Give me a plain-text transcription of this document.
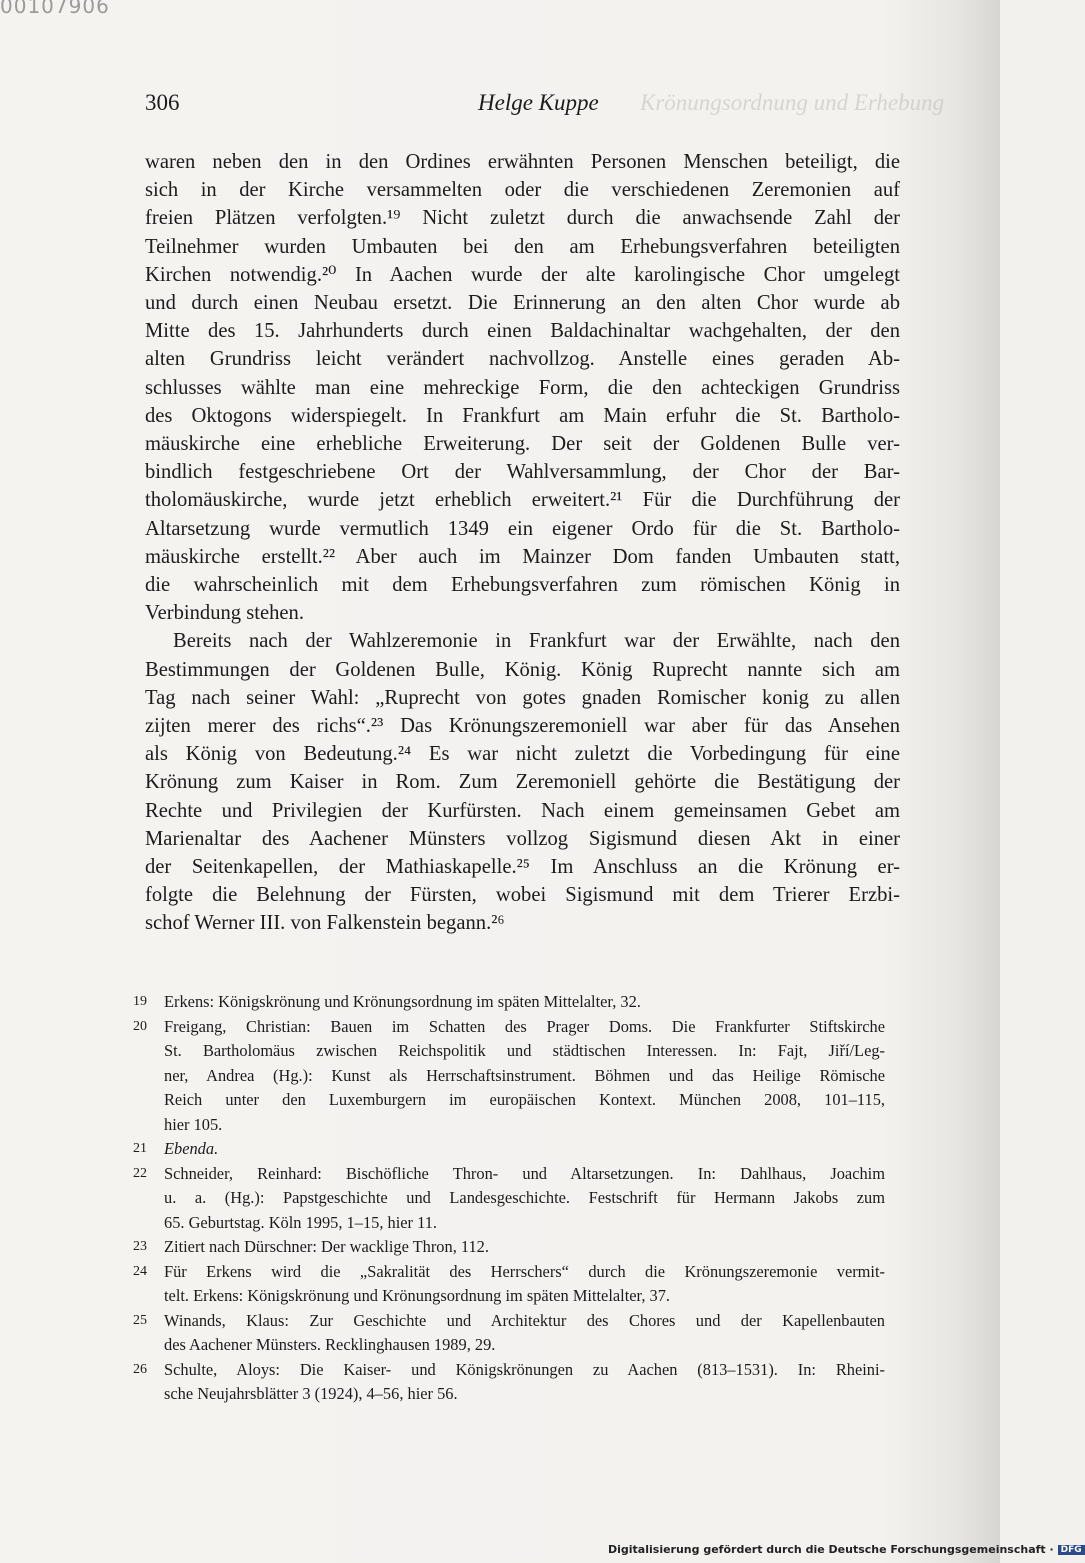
00107906
306	Helge Kuppe Krönungsordnung und Erhebung
waren neben den in den Ordines erwähnten Personen Menschen beteiligt, die
sich in der Kirche versammelten oder die verschiedenen Zeremonien auf
freien Plätzen verfolgten.¹⁹ Nicht zuletzt durch die anwachsende Zahl der
Teilnehmer wurden Umbauten bei den am Erhebungsverfahren beteiligten
Kirchen notwendig.²⁰ In Aachen wurde der alte karolingische Chor umgelegt
und durch einen Neubau ersetzt. Die Erinnerung an den alten Chor wurde ab
Mitte des 15. Jahrhunderts durch einen Baldachinaltar wachgehalten, der den
alten Grundriss leicht verändert nachvollzog. Anstelle eines geraden Ab-
schlusses wählte man eine mehreckige Form, die den achteckigen Grundriss
des Oktogons widerspiegelt. In Frankfurt am Main erfuhr die St. Bartholo-
mäuskirche eine erhebliche Erweiterung. Der seit der Goldenen Bulle ver-
bindlich festgeschriebene Ort der Wahlversammlung, der Chor der Bar-
tholomäuskirche, wurde jetzt erheblich erweitert.²¹ Für die Durchführung der
Altarsetzung wurde vermutlich 1349 ein eigener Ordo für die St. Bartholo-
mäuskirche erstellt.²² Aber auch im Mainzer Dom fanden Umbauten statt,
die wahrscheinlich mit dem Erhebungsverfahren zum römischen König in
Verbindung stehen.
Bereits nach der Wahlzeremonie in Frankfurt war der Erwählte, nach den
Bestimmungen der Goldenen Bulle, König. König Ruprecht nannte sich am
Tag nach seiner Wahl: „Ruprecht von gotes gnaden Romischer konig zu allen
zijten merer des richs“.²³ Das Krönungszeremoniell war aber für das Ansehen
als König von Bedeutung.²⁴ Es war nicht zuletzt die Vorbedingung für eine
Krönung zum Kaiser in Rom. Zum Zeremoniell gehörte die Bestätigung der
Rechte und Privilegien der Kurfürsten. Nach einem gemeinsamen Gebet am
Marienaltar des Aachener Münsters vollzog Sigismund diesen Akt in einer
der Seitenkapellen, der Mathiaskapelle.²⁵ Im Anschluss an die Krönung er-
folgte die Belehnung der Fürsten, wobei Sigismund mit dem Trierer Erzbi-
schof Werner III. von Falkenstein begann.²⁶
19 Erkens: Königskrönung und Krönungsordnung im späten Mittelalter, 32.
20 Freigang, Christian: Bauen im Schatten des Prager Doms. Die Frankfurter Stiftskirche
St. Bartholomäus zwischen Reichspolitik und städtischen Interessen. In: Fajt, Jiří/Leg-
ner, Andrea (Hg.): Kunst als Herrschaftsinstrument. Böhmen und das Heilige Römische
Reich unter den Luxemburgern im europäischen Kontext. München 2008, 101–115,
hier 105.
21 Ebenda.
22 Schneider, Reinhard: Bischöfliche Thron- und Altarsetzungen. In: Dahlhaus, Joachim
u. a. (Hg.): Papstgeschichte und Landesgeschichte. Festschrift für Hermann Jakobs zum
65. Geburtstag. Köln 1995, 1–15, hier 11.
23 Zitiert nach Dürschner: Der wacklige Thron, 112.
24 Für Erkens wird die „Sakralität des Herrschers“ durch die Krönungszeremonie vermit-
telt. Erkens: Königskrönung und Krönungsordnung im späten Mittelalter, 37.
25 Winands, Klaus: Zur Geschichte und Architektur des Chores und der Kapellenbauten
des Aachener Münsters. Recklinghausen 1989, 29.
26 Schulte, Aloys: Die Kaiser- und Königskrönungen zu Aachen (813–1531). In: Rheini-
sche Neujahrsblätter 3 (1924), 4–56, hier 56.
Digitalisierung gefördert durch die Deutsche Forschungsgemeinschaft · DFG
